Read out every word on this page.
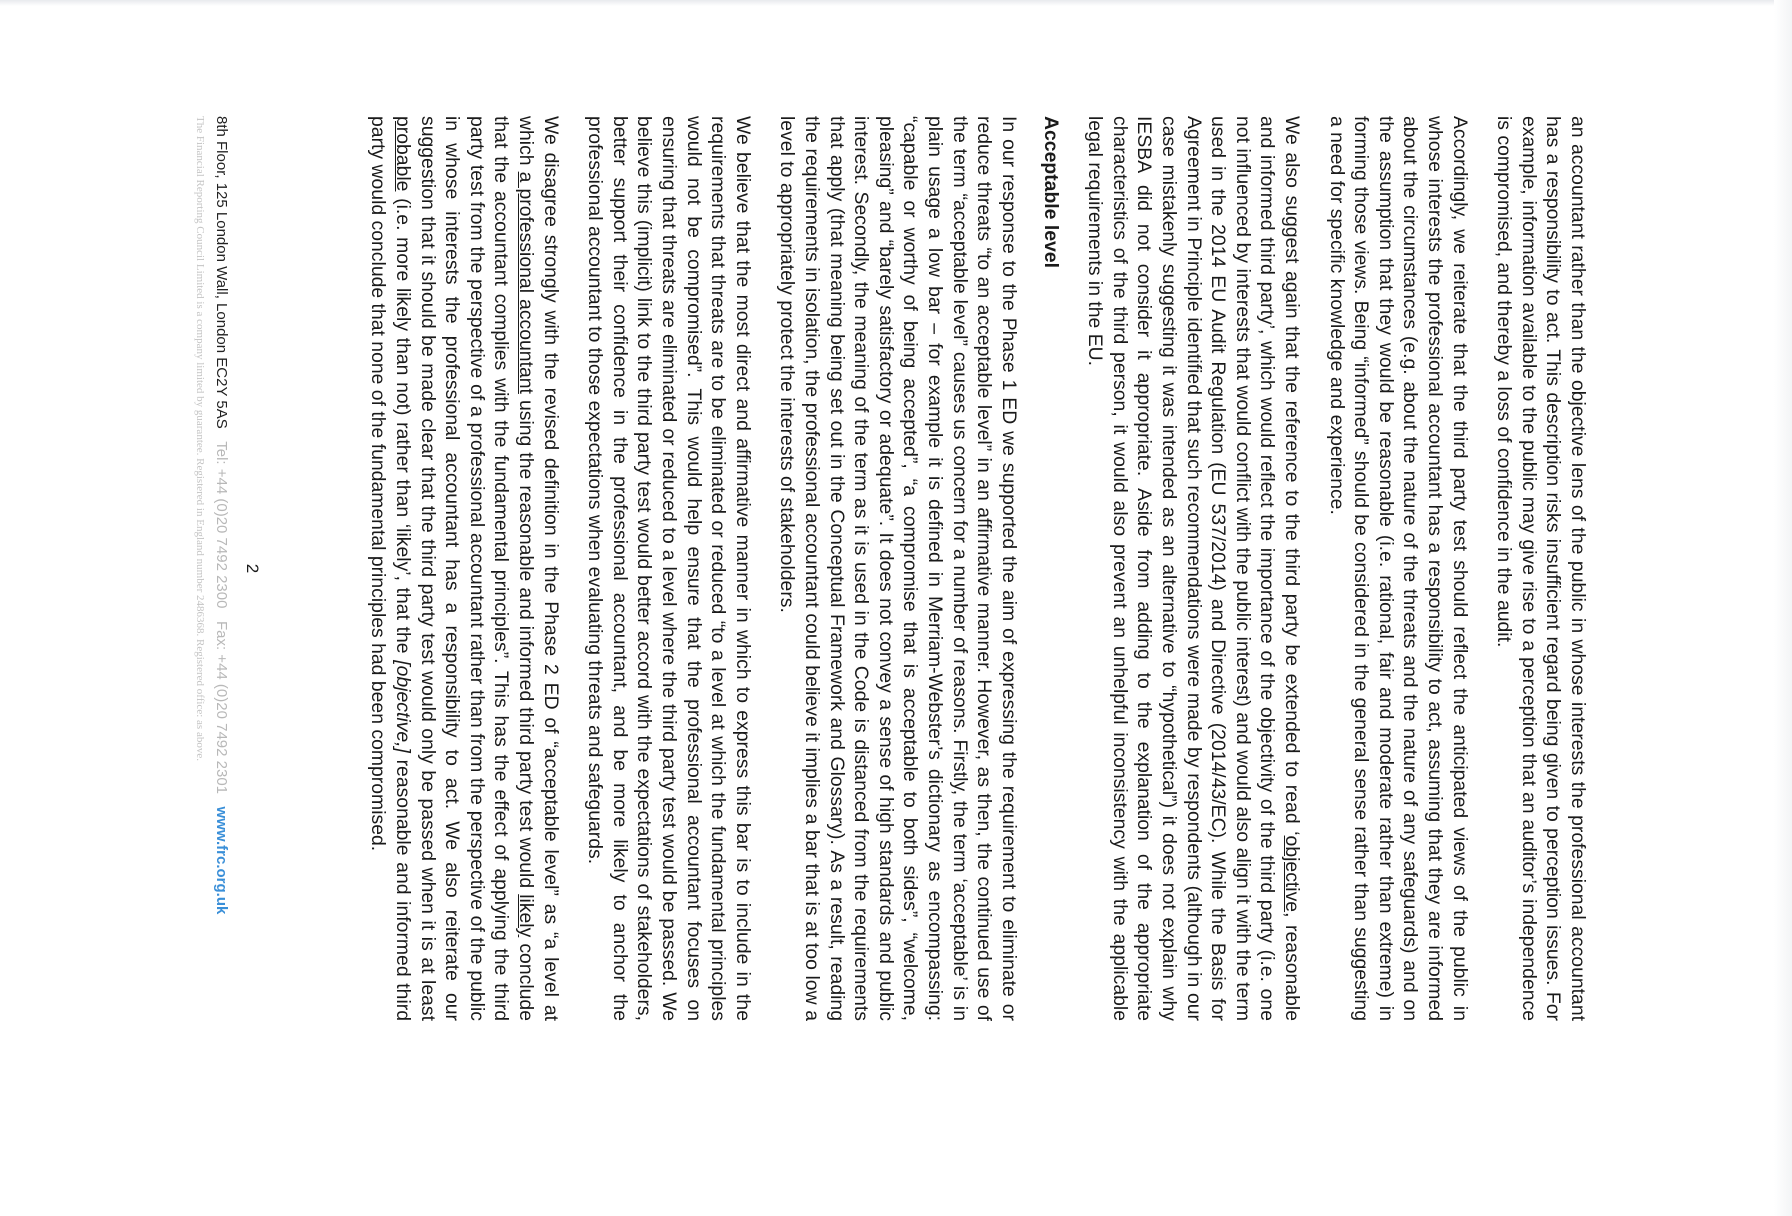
an accountant rather than the objective lens of the public in whose interests the professional accountant has a responsibility to act. This description risks insufficient regard being given to perception issues. For example, information available to the public may give rise to a perception that an auditor’s independence is compromised, and thereby a loss of confidence in the audit.

Accordingly, we reiterate that the third party test should reflect the anticipated views of the public in whose interests the professional accountant has a responsibility to act, assuming that they are informed about the circumstances (e.g. about the nature of the threats and the nature of any safeguards) and on the assumption that they would be reasonable (i.e. rational, fair and moderate rather than extreme) in forming those views. Being “informed” should be considered in the general sense rather than suggesting a need for specific knowledge and experience.

We also suggest again that the reference to the third party be extended to read ‘objective, reasonable and informed third party’, which would reflect the importance of the objectivity of the third party (i.e. one not influenced by interests that would conflict with the public interest) and would also align it with the term used in the 2014 EU Audit Regulation (EU 537/2014) and Directive (2014/43/EC). While the Basis for Agreement in Principle identified that such recommendations were made by respondents (although in our case mistakenly suggesting it was intended as an alternative to “hypothetical”) it does not explain why IESBA did not consider it appropriate. Aside from adding to the explanation of the appropriate characteristics of the third person, it would also prevent an unhelpful inconsistency with the applicable legal requirements in the EU.

Acceptable level

In our response to the Phase 1 ED we supported the aim of expressing the requirement to eliminate or reduce threats “to an acceptable level” in an affirmative manner. However, as then, the continued use of the term “acceptable level” causes us concern for a number of reasons. Firstly, the term ‘acceptable’ is in plain usage a low bar – for example it is defined in Merriam-Webster’s dictionary as encompassing: “capable or worthy of being accepted”, “a compromise that is acceptable to both sides”, “welcome, pleasing” and “barely satisfactory or adequate”. It does not convey a sense of high standards and public interest. Secondly, the meaning of the term as it is used in the Code is distanced from the requirements that apply (that meaning being set out in the Conceptual Framework and Glossary). As a result, reading the requirements in isolation, the professional accountant could believe it implies a bar that is at too low a level to appropriately protect the interests of stakeholders.

We believe that the most direct and affirmative manner in which to express this bar is to include in the requirements that threats are to be eliminated or reduced “to a level at which the fundamental principles would not be compromised”. This would help ensure that the professional accountant focuses on ensuring that threats are eliminated or reduced to a level where the third party test would be passed. We believe this (implicit) link to the third party test would better accord with the expectations of stakeholders, better support their confidence in the professional accountant, and be more likely to anchor the professional accountant to those expectations when evaluating threats and safeguards.

We disagree strongly with the revised definition in the Phase 2 ED of “acceptable level” as “a level at which a professional accountant using the reasonable and informed third party test would likely conclude that the accountant complies with the fundamental principles”. This has the effect of applying the third party test from the perspective of a professional accountant rather than from the perspective of the public in whose interests the professional accountant has a responsibility to act. We also reiterate our suggestion that it should be made clear that the third party test would only be passed when it is at least probable (i.e. more likely than not) rather than ‘likely’, that the [objective,] reasonable and informed third party would conclude that none of the fundamental principles had been compromised.

2
8th Floor, 125 London Wall, London EC2Y 5AS   Tel: +44 (0)20 7492 2300   Fax: +44 (0)20 7492 2301   www.frc.org.uk
The Financial Reporting Council Limited is a company limited by guarantee. Registered in England number 2486368. Registered office: as above.
